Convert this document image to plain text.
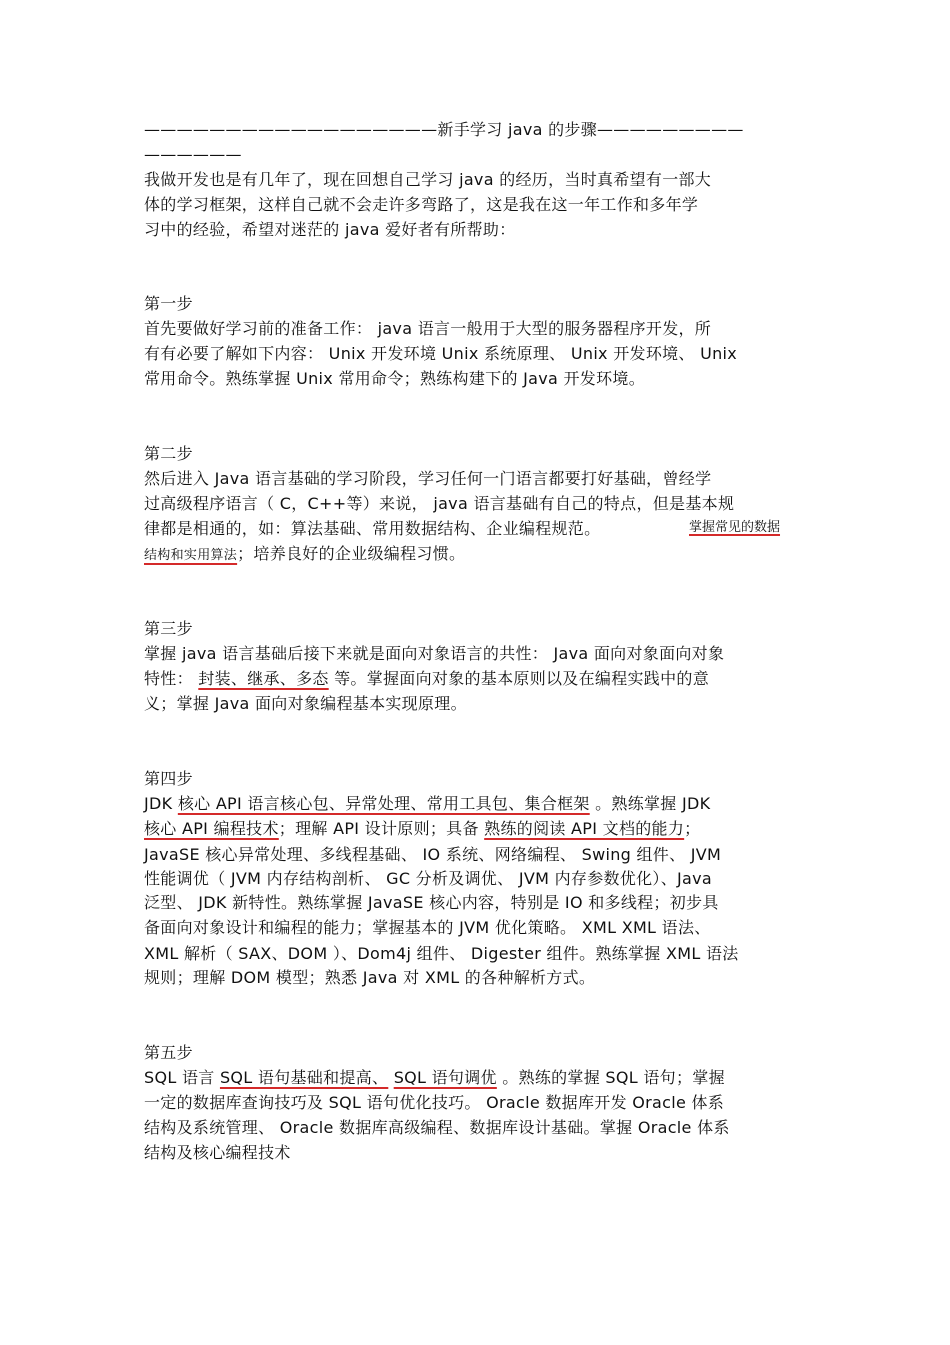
——————————————————新手学习 java 的步骤—————————
——————
我做开发也是有几年了，现在回想自己学习 java 的经历，当时真希望有一部大
体的学习框架，这样自己就不会走许多弯路了，这是我在这一年工作和多年学
习中的经验，希望对迷茫的 java 爱好者有所帮助：
第一步
首先要做好学习前的准备工作： java 语言一般用于大型的服务器程序开发，所
有有必要了解如下内容： Unix 开发环境 Unix 系统原理、 Unix 开发环境、 Unix
常用命令。熟练掌握 Unix 常用命令；熟练构建下的 Java 开发环境。
第二步
然后进入 Java 语言基础的学习阶段，学习任何一门语言都要打好基础，曾经学
过高级程序语言（ C，C++等）来说， java 语言基础有自己的特点，但是基本规
律都是相通的，如：算法基础、常用数据结构、企业编程规范。	掌握常见的数据
结构和实用算法；培养良好的企业级编程习惯。
第三步
掌握 java 语言基础后接下来就是面向对象语言的共性： Java 面向对象面向对象
特性： 封装、继承、多态 等。掌握面向对象的基本原则以及在编程实践中的意
义；掌握 Java 面向对象编程基本实现原理。
第四步
JDK 核心 API 语言核心包、异常处理、常用工具包、集合框架 。熟练掌握 JDK
核心 API 编程技术；理解 API 设计原则；具备 熟练的阅读 API 文档的能力；
JavaSE 核心异常处理、多线程基础、 IO 系统、网络编程、 Swing 组件、 JVM
性能调优（ JVM 内存结构剖析、 GC 分析及调优、 JVM 内存参数优化）、Java
泛型、 JDK 新特性。熟练掌握 JavaSE 核心内容，特别是 IO 和多线程；初步具
备面向对象设计和编程的能力；掌握基本的 JVM 优化策略。 XML XML 语法、
XML 解析（ SAX、DOM ）、Dom4j 组件、 Digester 组件。熟练掌握 XML 语法
规则；理解 DOM 模型；熟悉 Java 对 XML 的各种解析方式。
第五步
SQL 语言 SQL 语句基础和提高、 SQL 语句调优 。熟练的掌握 SQL 语句；掌握
一定的数据库查询技巧及 SQL 语句优化技巧。 Oracle 数据库开发 Oracle 体系
结构及系统管理、 Oracle 数据库高级编程、数据库设计基础。掌握 Oracle 体系
结构及核心编程技术
